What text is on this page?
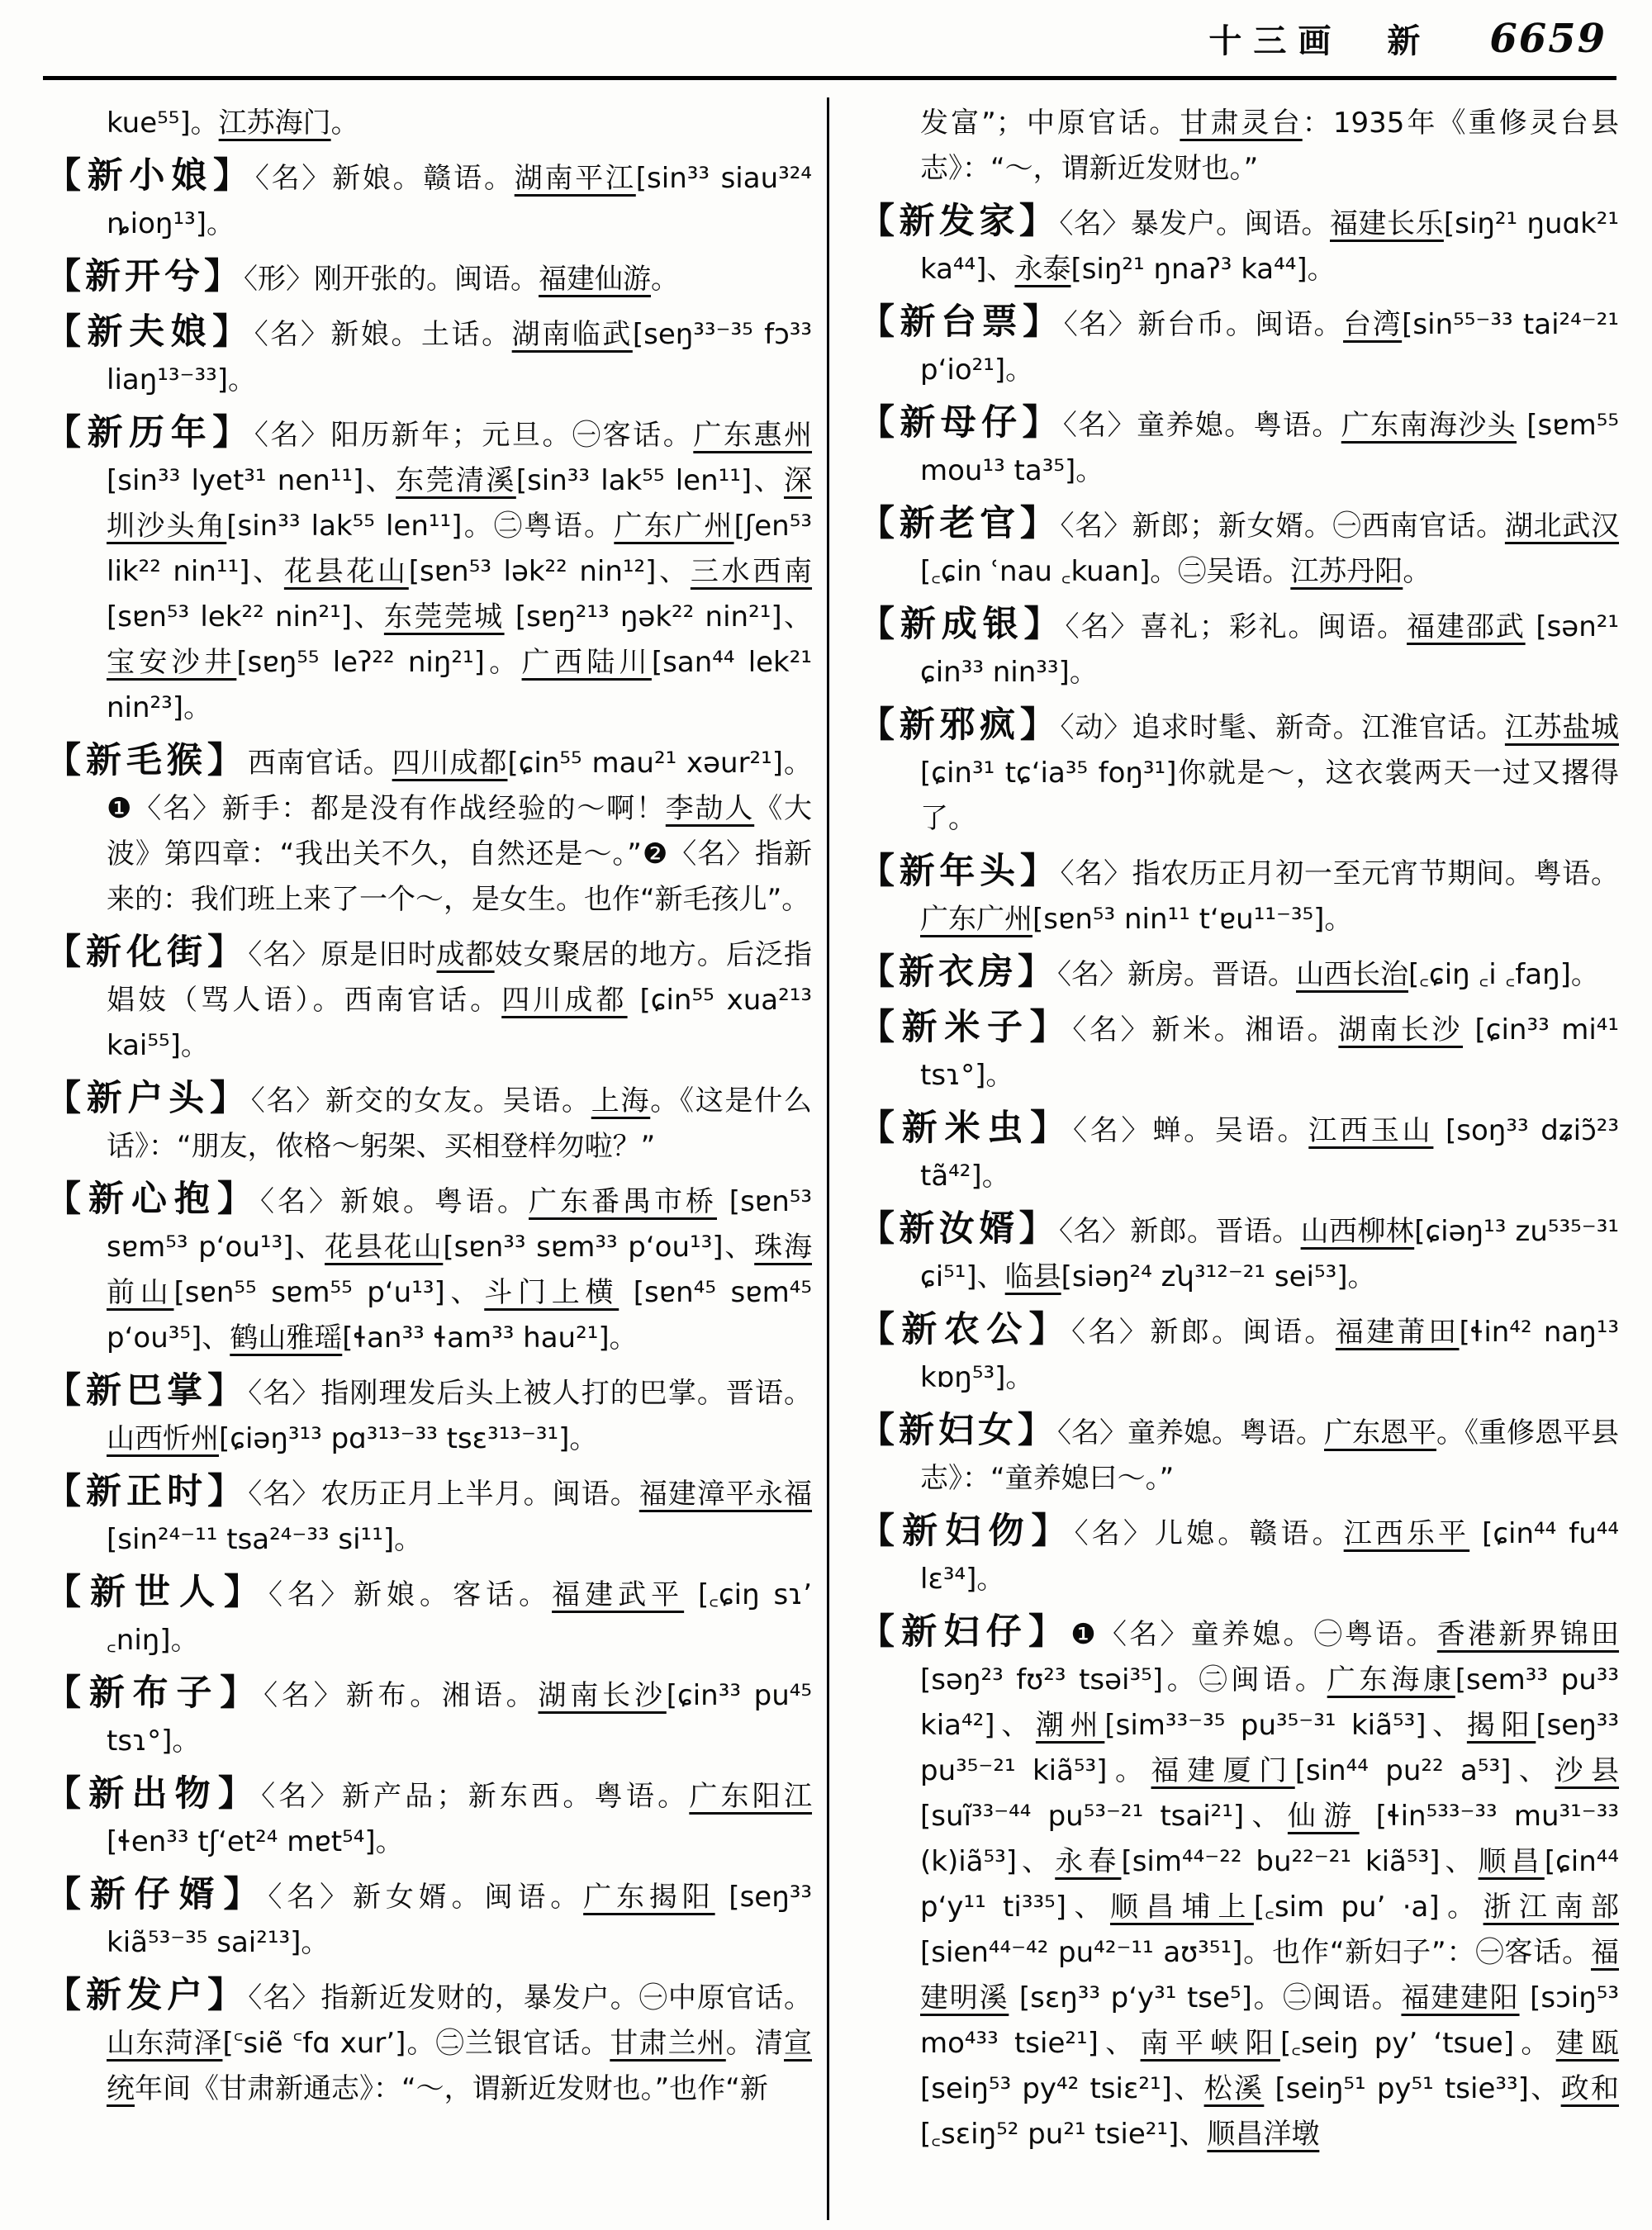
十三画　新 6659

kue⁵⁵]。江苏海门。

【新小娘】〈名〉新娘。赣语。湖南平江[sin³³ siau³²⁴ ȵioŋ¹³]。

【新开兮】〈形〉刚开张的。闽语。福建仙游。

【新夫娘】〈名〉新娘。土话。湖南临武[seŋ³³⁻³⁵ fɔ³³ liaŋ¹³⁻³³]。

【新历年】〈名〉阳历新年；元旦。㊀客话。广东惠州[sin³³ lyet³¹ nen¹¹]、东莞清溪[sin³³ lak⁵⁵ len¹¹]、深圳沙头角[sin³³ lak⁵⁵ len¹¹]。㊁粤语。广东广州[ʃen⁵³ lik²² nin¹¹]、花县花山[sɐn⁵³ lək²² nin¹²]、三水西南 [sɐn⁵³ lek²² nin²¹]、东莞莞城 [sɐŋ²¹³ ŋək²² nin²¹]、宝安沙井[sɐŋ⁵⁵ leʔ²² niŋ²¹]。广西陆川[san⁴⁴ lek²¹ nin²³]。

【新毛猴】西南官话。四川成都[ɕin⁵⁵ mau²¹ xəur²¹]。❶〈名〉新手：都是没有作战经验的～啊！李劼人《大波》第四章：“我出关不久，自然还是～。”❷〈名〉指新来的：我们班上来了一个～，是女生。也作“新毛孩儿”。

【新化街】〈名〉原是旧时成都妓女聚居的地方。后泛指娼妓（骂人语）。西南官话。四川成都 [ɕin⁵⁵ xua²¹³ kai⁵⁵]。

【新户头】〈名〉新交的女友。吴语。上海。《这是什么话》：“朋友，侬格～躬架、买相登样勿啦？”

【新心抱】〈名〉新娘。粤语。广东番禺市桥 [sɐn⁵³ sɐm⁵³ p‘ou¹³]、花县花山[sɐn³³ sɐm³³ p‘ou¹³]、珠海前山[sɐn⁵⁵ sɐm⁵⁵ p‘u¹³]、斗门上横 [sɐn⁴⁵ sɐm⁴⁵ p‘ou³⁵]、鹤山雅瑶[ɬan³³ ɬam³³ hau²¹]。

【新巴掌】〈名〉指刚理发后头上被人打的巴掌。晋语。山西忻州[ɕiəŋ³¹³ pɑ³¹³⁻³³ tsɛ³¹³⁻³¹]。

【新正时】〈名〉农历正月上半月。闽语。福建漳平永福[sin²⁴⁻¹¹ tsa²⁴⁻³³ si¹¹]。

【新世人】〈名〉新娘。客话。福建武平 [꜀ɕiŋ sɿ’ ꜀niŋ]。

【新布子】〈名〉新布。湘语。湖南长沙[ɕin³³ pu⁴⁵ tsɿ°]。

【新出物】〈名〉新产品；新东西。粤语。广东阳江 [ɬen³³ tʃ‘et²⁴ mɐt⁵⁴]。

【新仔婿】〈名〉新女婿。闽语。广东揭阳 [seŋ³³ kiã⁵³⁻³⁵ sai²¹³]。

【新发户】〈名〉指新近发财的，暴发户。㊀中原官话。山东菏泽[꜂siẽ ꜂fɑ xur’]。㊁兰银官话。甘肃兰州。清宣统年间《甘肃新通志》：“～，谓新近发财也。”也作“新

发富”；中原官话。甘肃灵台：1935年《重修灵台县志》：“～，谓新近发财也。”

【新发家】〈名〉暴发户。闽语。福建长乐[siŋ²¹ ŋuɑk²¹ ka⁴⁴]、永泰[siŋ²¹ ŋnaʔ³ ka⁴⁴]。

【新台票】〈名〉新台币。闽语。台湾[sin⁵⁵⁻³³ tai²⁴⁻²¹ p‘io²¹]。

【新母仔】〈名〉童养媳。粤语。广东南海沙头 [sɐm⁵⁵ mou¹³ ta³⁵]。

【新老官】〈名〉新郎；新女婿。㊀西南官话。湖北武汉[꜀ɕin ʿnau ꜀kuan]。㊁吴语。江苏丹阳。

【新成银】〈名〉喜礼；彩礼。闽语。福建邵武 [sən²¹ ɕin³³ nin³³]。

【新邪疯】〈动〉追求时髦、新奇。江淮官话。江苏盐城[ɕin³¹ tɕ‘ia³⁵ foŋ³¹]你就是～，这衣裳两天一过又撂得了。

【新年头】〈名〉指农历正月初一至元宵节期间。粤语。广东广州[sɐn⁵³ nin¹¹ t‘ɐu¹¹⁻³⁵]。

【新衣房】〈名〉新房。晋语。山西长治[꜀ɕiŋ ꜀i ꜀faŋ]。

【新米子】〈名〉新米。湘语。湖南长沙 [ɕin³³ mi⁴¹ tsɿ°]。

【新米虫】〈名〉蝉。吴语。江西玉山 [soŋ³³ dʑiɔ̃²³ tã⁴²]。

【新汝婿】〈名〉新郎。晋语。山西柳林[ɕiəŋ¹³ zu⁵³⁵⁻³¹ ɕi⁵¹]、临县[siəŋ²⁴ zʮ³¹²⁻²¹ sei⁵³]。

【新农公】〈名〉新郎。闽语。福建莆田[ɬin⁴² naŋ¹³ kɒŋ⁵³]。

【新妇女】〈名〉童养媳。粤语。广东恩平。《重修恩平县志》：“童养媳曰～。”

【新妇伆】〈名〉儿媳。赣语。江西乐平 [ɕin⁴⁴ fu⁴⁴ lɛ³⁴]。

【新妇仔】❶〈名〉童养媳。㊀粤语。香港新界锦田 [səŋ²³ fʊ²³ tsəi³⁵]。㊁闽语。广东海康[sem³³ pu³³ kia⁴²]、潮州[sim³³⁻³⁵ pu³⁵⁻³¹ kiã⁵³]、揭阳[seŋ³³ pu³⁵⁻²¹ kiã⁵³]。福建厦门[sin⁴⁴ pu²² a⁵³]、沙县 [suĩ³³⁻⁴⁴ pu⁵³⁻²¹ tsai²¹]、仙游 [ɬin⁵³³⁻³³ mu³¹⁻³³ (k)iã⁵³]、永春[sim⁴⁴⁻²² bu²²⁻²¹ kiã⁵³]、顺昌[ɕin⁴⁴ p‘y¹¹ ti³³⁵]、顺昌埔上[꜀sim pu’ ·a]。浙江南部 [sien⁴⁴⁻⁴² pu⁴²⁻¹¹ aʊ³⁵¹]。也作“新妇子”：㊀客话。福建明溪 [sɛŋ³³ p‘y³¹ tse⁵]。㊁闽语。福建建阳 [sɔiŋ⁵³ mo⁴³³ tsie²¹]、南平峡阳[꜀seiŋ py’ ‘tsue]。建瓯 [seiŋ⁵³ py⁴² tsiɛ²¹]、松溪 [seiŋ⁵¹ py⁵¹ tsie³³]、政和 [꜀sɛiŋ⁵² pu²¹ tsie²¹]、顺昌洋墩
